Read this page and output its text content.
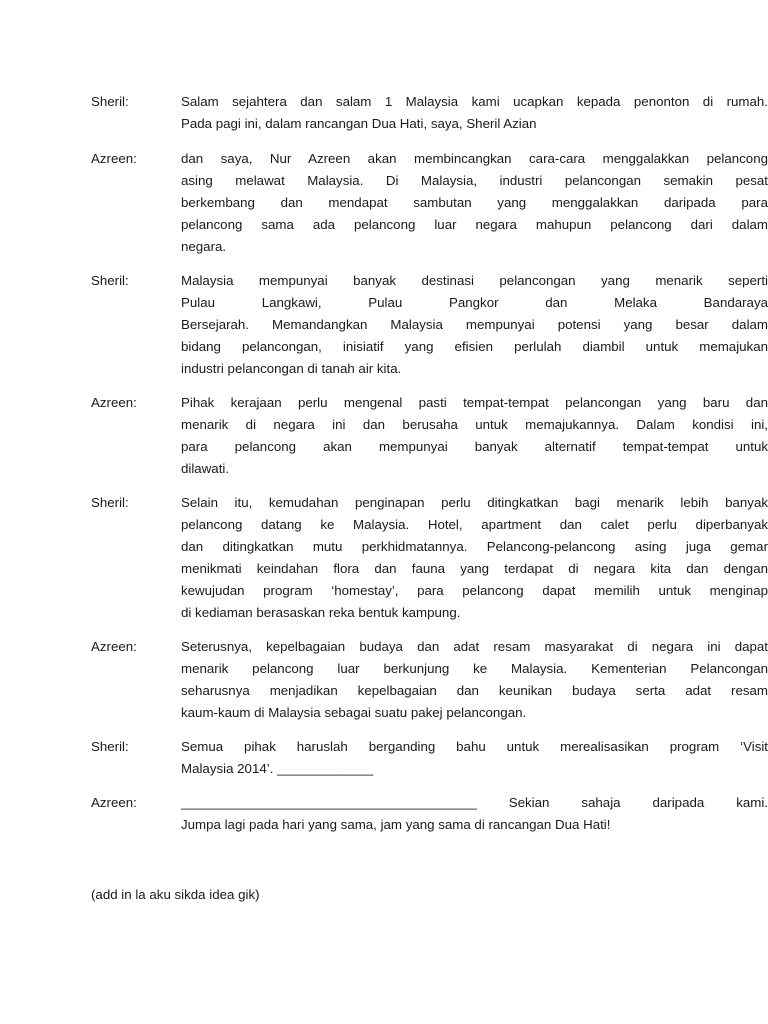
Sheril:	Salam sejahtera dan salam 1 Malaysia kami ucapkan kepada penonton di rumah.
Pada pagi ini, dalam rancangan Dua Hati, saya, Sheril Azian
Azreen:	dan saya, Nur Azreen akan membincangkan cara-cara menggalakkan pelancong
asing melawat Malaysia. Di Malaysia, industri pelancongan semakin pesat
berkembang dan mendapat sambutan yang menggalakkan daripada para
pelancong sama ada pelancong luar negara mahupun pelancong dari dalam
negara.
Sheril:	Malaysia mempunyai banyak destinasi pelancongan yang menarik seperti
Pulau Langkawi, Pulau Pangkor dan Melaka Bandaraya
Bersejarah. Memandangkan Malaysia mempunyai potensi yang besar dalam
bidang pelancongan, inisiatif yang efisien perlulah diambil untuk memajukan
industri pelancongan di tanah air kita.
Azreen:	Pihak kerajaan perlu mengenal pasti tempat-tempat pelancongan yang baru dan
menarik di negara ini dan berusaha untuk memajukannya. Dalam kondisi ini,
para pelancong akan mempunyai banyak alternatif tempat-tempat untuk
dilawati.
Sheril:	Selain itu, kemudahan penginapan perlu ditingkatkan bagi menarik lebih banyak
pelancong datang ke Malaysia. Hotel, apartment dan calet perlu diperbanyak
dan ditingkatkan mutu perkhidmatannya. Pelancong-pelancong asing juga gemar
menikmati keindahan flora dan fauna yang terdapat di negara kita dan dengan
kewujudan program ‘homestay’, para pelancong dapat memilih untuk menginap
di kediaman berasaskan reka bentuk kampung.
Azreen:	Seterusnya, kepelbagaian budaya dan adat resam masyarakat di negara ini dapat
menarik pelancong luar berkunjung ke Malaysia. Kementerian Pelancongan
seharusnya menjadikan kepelbagaian dan keunikan budaya serta adat resam
kaum-kaum di Malaysia sebagai suatu pakej pelancongan.
Sheril:	Semua pihak haruslah berganding bahu untuk merealisasikan program ‘Visit
Malaysia 2014’. _____________
Azreen:	________________________________________ Sekian sahaja daripada kami.
Jumpa lagi pada hari yang sama, jam yang sama di rancangan Dua Hati!
(add in la aku sikda idea gik)
